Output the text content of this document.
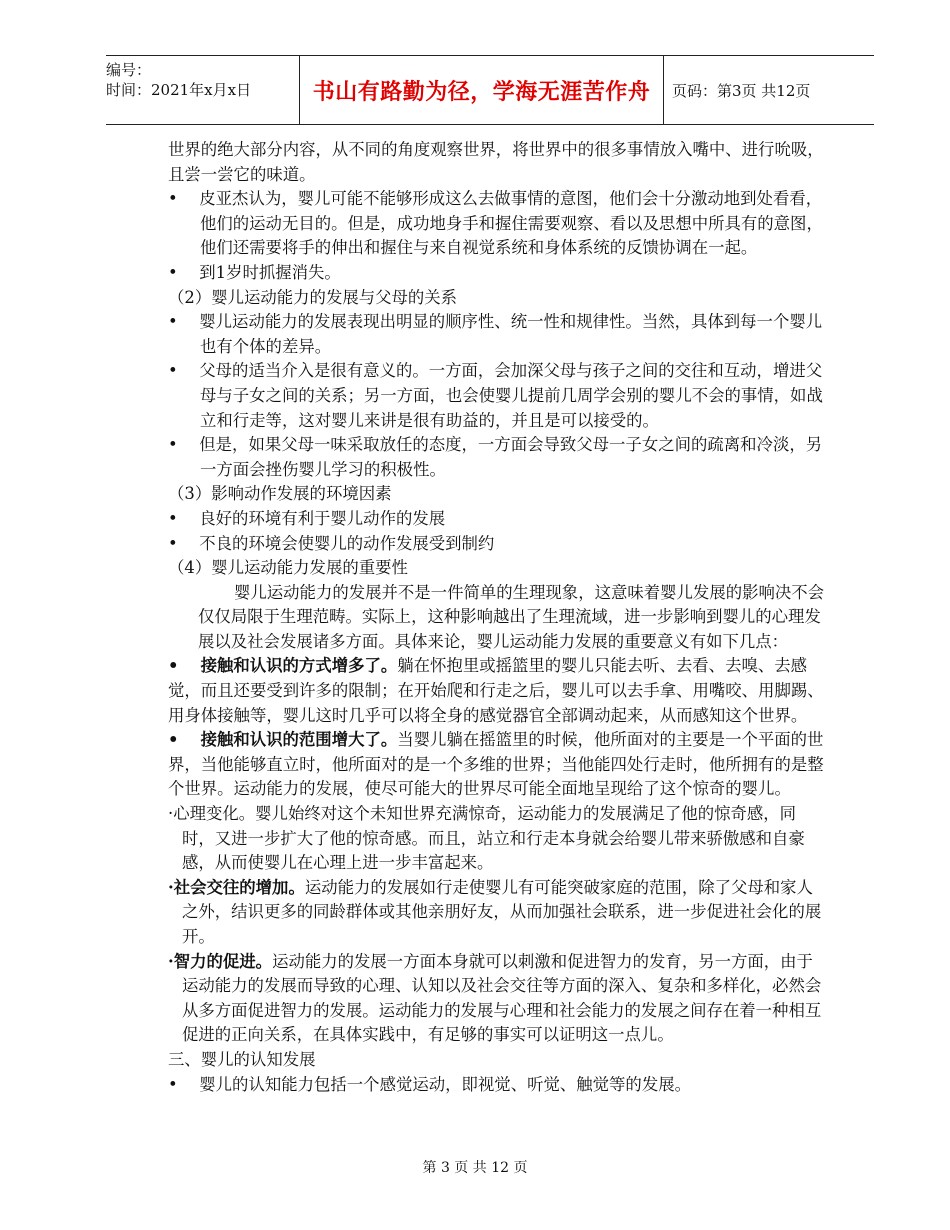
编号：
时间：2021年x月x日	书山有路勤为径，学海无涯苦作舟	页码：第3页 共12页

世界的绝大部分内容，从不同的角度观察世界，将世界中的很多事情放入嘴中、进行吮吸，且尝一尝它的味道。

•　 皮亚杰认为，婴儿可能不能够形成这么去做事情的意图，他们会十分激动地到处看看，他们的运动无目的。但是，成功地身手和握住需要观察、看以及思想中所具有的意图，他们还需要将手的伸出和握住与来自视觉系统和身体系统的反馈协调在一起。

•　 到1岁时抓握消失。

（2）婴儿运动能力的发展与父母的关系

•　 婴儿运动能力的发展表现出明显的顺序性、统一性和规律性。当然，具体到每一个婴儿也有个体的差异。

•　 父母的适当介入是很有意义的。一方面，会加深父母与孩子之间的交往和互动，增进父母与子女之间的关系；另一方面，也会使婴儿提前几周学会别的婴儿不会的事情，如战立和行走等，这对婴儿来讲是很有助益的，并且是可以接受的。

•　 但是，如果父母一味采取放任的态度，一方面会导致父母一子女之间的疏离和冷淡，另一方面会挫伤婴儿学习的积极性。

（3）影响动作发展的环境因素

•　 良好的环境有利于婴儿动作的发展

•　 不良的环境会使婴儿的动作发展受到制约

（4）婴儿运动能力发展的重要性

婴儿运动能力的发展并不是一件简单的生理现象，这意味着婴儿发展的影响决不会仅仅局限于生理范畴。实际上，这种影响越出了生理流域，进一步影响到婴儿的心理发展以及社会发展诸多方面。具体来论，婴儿运动能力发展的重要意义有如下几点：

•　 接触和认识的方式增多了。躺在怀抱里或摇篮里的婴儿只能去听、去看、去嗅、去感觉，而且还要受到许多的限制；在开始爬和行走之后，婴儿可以去手拿、用嘴咬、用脚踢、用身体接触等，婴儿这时几乎可以将全身的感觉器官全部调动起来，从而感知这个世界。

•　 接触和认识的范围增大了。当婴儿躺在摇篮里的时候，他所面对的主要是一个平面的世界，当他能够直立时，他所面对的是一个多维的世界；当他能四处行走时，他所拥有的是整个世界。运动能力的发展，使尽可能大的世界尽可能全面地呈现给了这个惊奇的婴儿。

·心理变化。婴儿始终对这个未知世界充满惊奇，运动能力的发展满足了他的惊奇感，同时，又进一步扩大了他的惊奇感。而且，站立和行走本身就会给婴儿带来骄傲感和自豪感，从而使婴儿在心理上进一步丰富起来。

·社会交往的增加。运动能力的发展如行走使婴儿有可能突破家庭的范围，除了父母和家人之外，结识更多的同龄群体或其他亲朋好友，从而加强社会联系，进一步促进社会化的展开。

·智力的促进。运动能力的发展一方面本身就可以刺激和促进智力的发育，另一方面，由于运动能力的发展而导致的心理、认知以及社会交往等方面的深入、复杂和多样化，必然会从多方面促进智力的发展。运动能力的发展与心理和社会能力的发展之间存在着一种相互促进的正向关系，在具体实践中，有足够的事实可以证明这一点儿。

三、婴儿的认知发展

•　 婴儿的认知能力包括一个感觉运动，即视觉、听觉、触觉等的发展。

第 3 页 共 12 页
